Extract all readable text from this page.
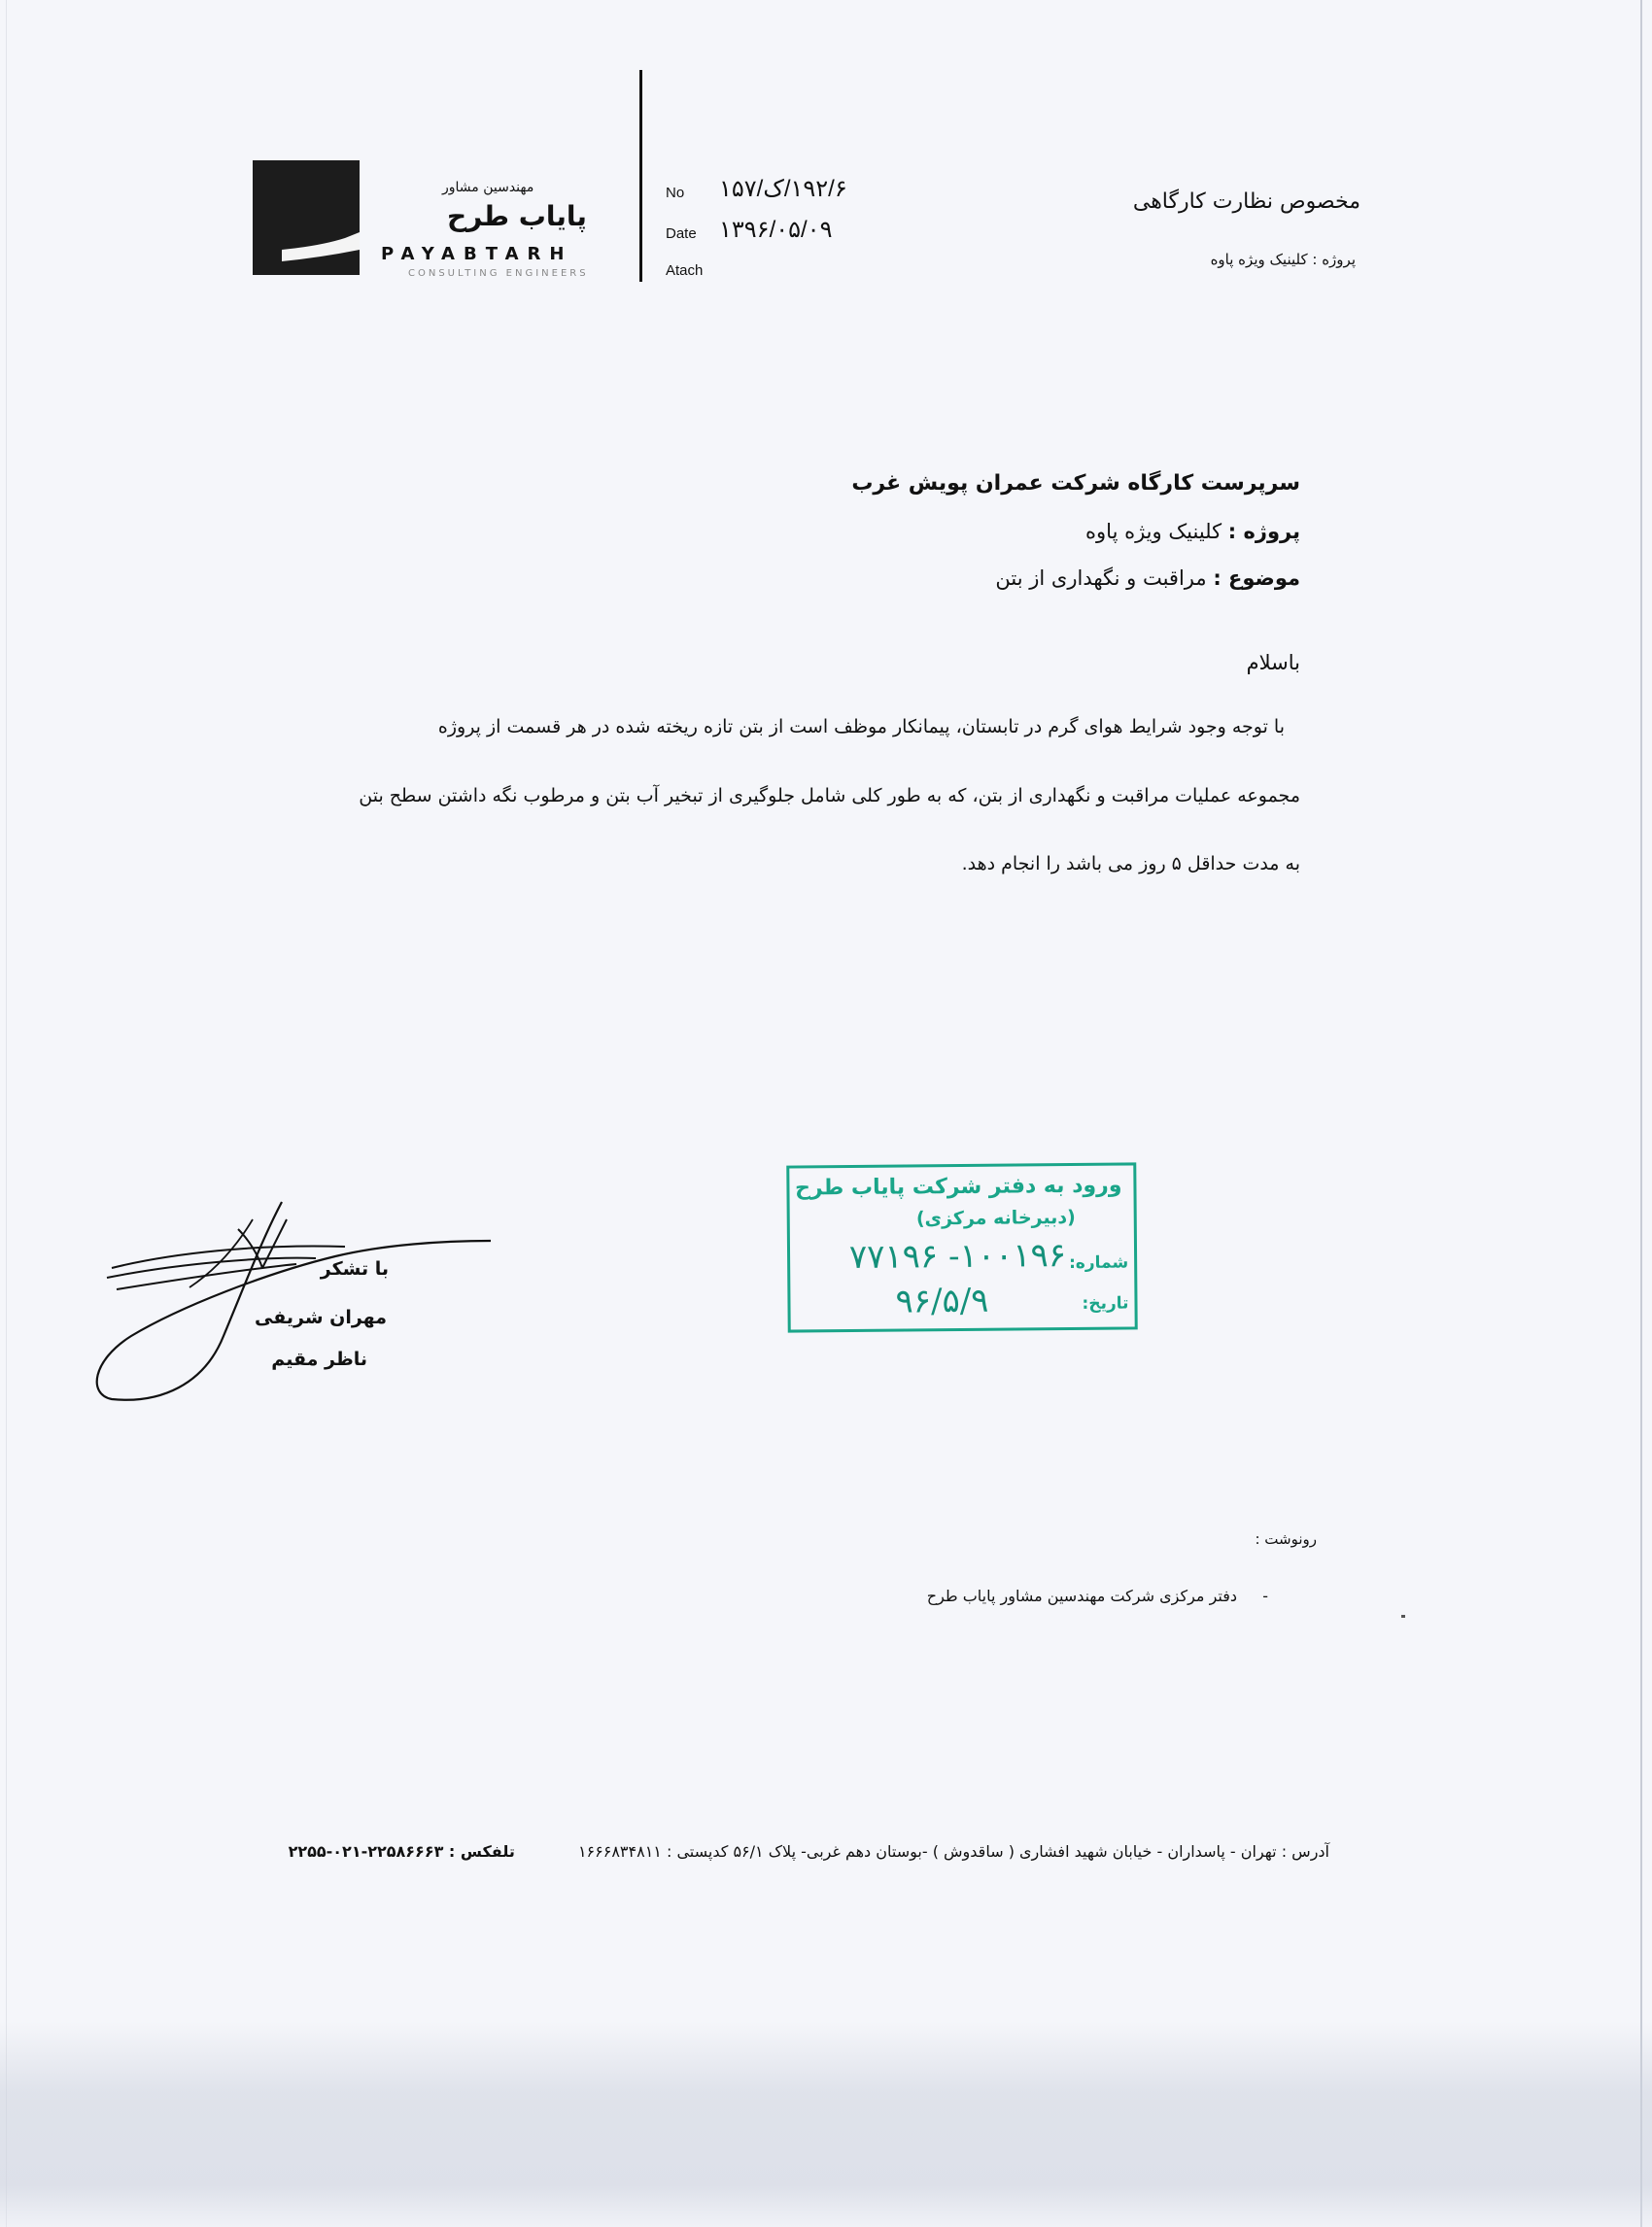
مهندسین مشاور
پایاب طرح
PAYABTARH
CONSULTING ENGINEERS
No ۱۹۲/۶/ک/۱۵۷
Date ۱۳۹۶/۰۵/۰۹
Atach
مخصوص نظارت کارگاهی
پروژه : کلینیک ویژه پاوه
سرپرست کارگاه شرکت عمران پویش غرب
پروژه : کلینیک ویژه پاوه
موضوع : مراقبت و نگهداری از بتن
باسلام
با توجه وجود شرایط هوای گرم در تابستان، پیمانکار موظف است از بتن تازه ریخته شده در هر قسمت از پروژه
مجموعه عملیات مراقبت و نگهداری از بتن، که به طور کلی شامل جلوگیری از تبخیر آب بتن و مرطوب نگه داشتن سطح بتن
به مدت حداقل ۵ روز می باشد را انجام دهد.
با تشکر
مهران شریفی
ناظر مقیم
ورود به دفتر شرکت پایاب طرح
(دبیرخانه مرکزی)
شماره:
۷۷۱۹۶ -۱۰۰۱۹۶
تاریخ:
۹۶/۵/۹
رونوشت :
-
دفتر مرکزی شرکت مهندسین مشاور پایاب طرح
آدرس : تهران - پاسداران - خیابان شهید افشاری ( ساقدوش ) -بوستان دهم غربی- پلاک ۵۶/۱ کدپستی : ۱۶۶۶۸۳۴۸۱۱ تلفکس : ۲۲۵۸۶۶۶۳-۰۲۱-۲۲۵۵
